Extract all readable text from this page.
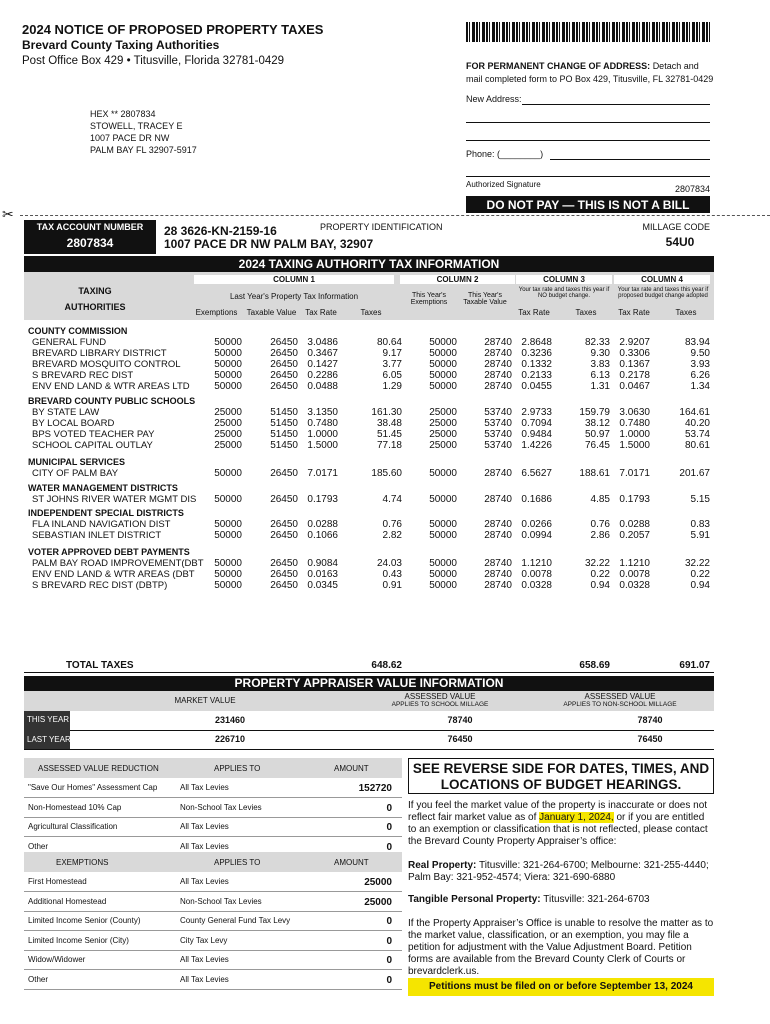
2024 NOTICE OF PROPOSED PROPERTY TAXES
Brevard County Taxing Authorities
Post Office Box 429 • Titusville, Florida 32781-0429	FOR PERMANENT CHANGE OF ADDRESS: Detach and mail completed form to PO Box 429, Titusville, FL 32781-0429
New Address:
Phone: (________)
Authorized Signature	2807834
HEX ** 2807834
STOWELL, TRACEY E
1007 PACE DR NW
PALM BAY FL 32907-5917
DO NOT PAY — THIS IS NOT A BILL
✂
TAX ACCOUNT NUMBER
2807834
PROPERTY IDENTIFICATION
28 3626-KN-2159-16
1007 PACE DR NW PALM BAY, 32907
MILLAGE CODE
54U0
2024 TAXING AUTHORITY TAX INFORMATION
TAXING
AUTHORITIES
COLUMN 1
Last Year's Property Tax Information
Exemptions	Taxable Value	Tax Rate	Taxes
COLUMN 2
This Year's Exemptions
This Year's Taxable Value
COLUMN 3
Your tax rate and taxes this year if NO budget change.
Tax Rate	Taxes
COLUMN 4
Your tax rate and taxes this year if proposed budget change adopted
Tax Rate	Taxes
COUNTY COMMISSION
GENERAL FUND	50000	26450 3.0486	80.64	50000	28740 2.8648	82.33 2.9207	83.94
BREVARD LIBRARY DISTRICT	50000	26450 0.3467	9.17	50000	28740 0.3236	9.30 0.3306	9.50
BREVARD MOSQUITO CONTROL	50000	26450 0.1427	3.77	50000	28740 0.1332	3.83 0.1367	3.93
S BREVARD REC DIST	50000	26450 0.2286	6.05	50000	28740 0.2133	6.13 0.2178	6.26
ENV END LAND & WTR AREAS LTD	50000	26450 0.0488	1.29	50000	28740 0.0455	1.31 0.0467	1.34
BREVARD COUNTY PUBLIC SCHOOLS
BY STATE LAW	25000	51450 3.1350	161.30	25000	53740 2.9733	159.79 3.0630	164.61
BY LOCAL BOARD	25000	51450 0.7480	38.48	25000	53740 0.7094	38.12 0.7480	40.20
BPS VOTED TEACHER PAY	25000	51450 1.0000	51.45	25000	53740 0.9484	50.97 1.0000	53.74
SCHOOL CAPITAL OUTLAY	25000	51450 1.5000	77.18	25000	53740 1.4226	76.45 1.5000	80.61
MUNICIPAL SERVICES
CITY OF PALM BAY	50000	26450 7.0171	185.60	50000	28740 6.5627	188.61 7.0171	201.67
WATER MANAGEMENT DISTRICTS
ST JOHNS RIVER WATER MGMT DIS	50000	26450 0.1793	4.74	50000	28740 0.1686	4.85 0.1793	5.15
INDEPENDENT SPECIAL DISTRICTS
FLA INLAND NAVIGATION DIST	50000	26450 0.0288	0.76	50000	28740 0.0266	0.76 0.0288	0.83
SEBASTIAN INLET DISTRICT	50000	26450 0.1066	2.82	50000	28740 0.0994	2.86 0.2057	5.91
VOTER APPROVED DEBT PAYMENTS
PALM BAY ROAD IMPROVEMENT(DBT	50000	26450 0.9084	24.03	50000	28740 1.1210	32.22 1.1210	32.22
ENV END LAND & WTR AREAS (DBT	50000	26450 0.0163	0.43	50000	28740 0.0078	0.22 0.0078	0.22
S BREVARD REC DIST (DBTP)	50000	26450 0.0345	0.91	50000	28740 0.0328	0.94 0.0328	0.94
TOTAL TAXES	648.62	658.69	691.07
PROPERTY APPRAISER VALUE INFORMATION
MARKET VALUE	ASSESSED VALUE
APPLIES TO SCHOOL MILLAGE
ASSESSED VALUE
APPLIES TO NON-SCHOOL MILLAGE
THIS YEAR
LAST YEAR
231460	78740	78740
226710	76450	76450
ASSESSED VALUE REDUCTION	APPLIES TO	AMOUNT
"Save Our Homes" Assessment Cap	All Tax Levies	152720
Non-Homestead 10% Cap	Non-School Tax Levies	0
Agricultural Classification	All Tax Levies	0
Other	All Tax Levies	0
EXEMPTIONS	APPLIES TO	AMOUNT
First Homestead	All Tax Levies	25000
Additional Homestead	Non-School Tax Levies	25000
Limited Income Senior (County)	County General Fund Tax Levy	0
Limited Income Senior (City)	City Tax Levy	0
Widow/Widower	All Tax Levies	0
Other	All Tax Levies	0
SEE REVERSE SIDE FOR DATES, TIMES, AND LOCATIONS OF BUDGET HEARINGS.
If you feel the market value of the property is inaccurate or does not reflect fair market value as of January 1, 2024, or if you are entitled to an exemption or classification that is not reflected, please contact the Brevard County Property Appraiser’s office:
Real Property: Titusville: 321-264-6700; Melbourne: 321-255-4440; Palm Bay: 321-952-4574; Viera: 321-690-6880
Tangible Personal Property: Titusville: 321-264-6703
If the Property Appraiser’s Office is unable to resolve the matter as to the market value, classification, or an exemption, you may file a petition for adjustment with the Value Adjustment Board. Petition forms are available from the Brevard County Clerk of Courts or brevardclerk.us.
Petitions must be filed on or before September 13, 2024
